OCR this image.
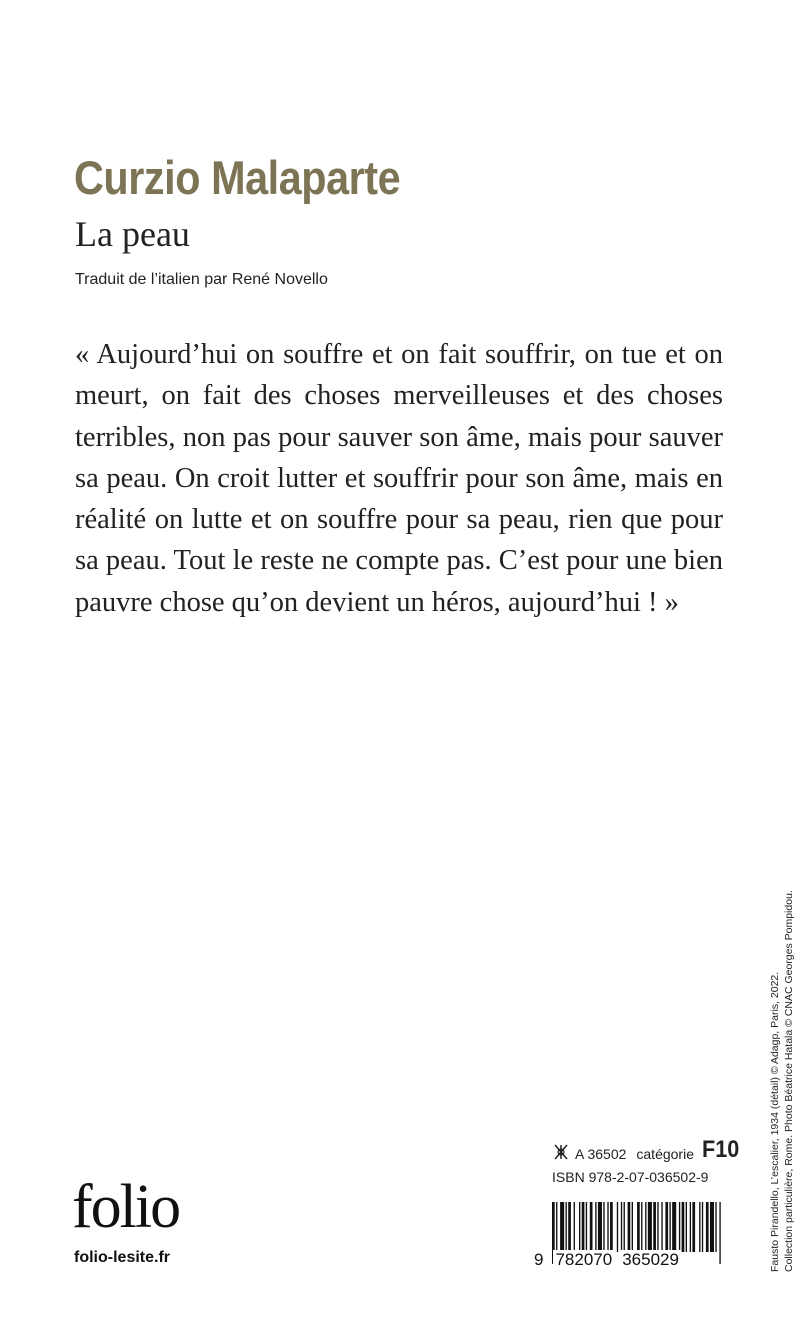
Curzio Malaparte
La peau
Traduit de l’italien par René Novello

« Aujourd’hui on souffre et on fait souffrir, on tue et on meurt, on fait des choses merveilleuses et des choses terribles, non pas pour sauver son âme, mais pour sauver sa peau. On croit lutter et souffrir pour son âme, mais en réalité on lutte et on souffre pour sa peau, rien que pour sa peau. Tout le reste ne compte pas. C’est pour une bien pauvre chose qu’on devient un héros, aujourd’hui ! »

Fausto Pirandello, L’escalier, 1934 (détail) © Adagp, Paris, 2022. Collection particulière, Rome. Photo Béatrice Hatala © CNAC Georges Pompidou.
folio
folio-lesite.fr
A 36502 catégorie F10
ISBN 978-2-07-036502-9
9 782070 365029
